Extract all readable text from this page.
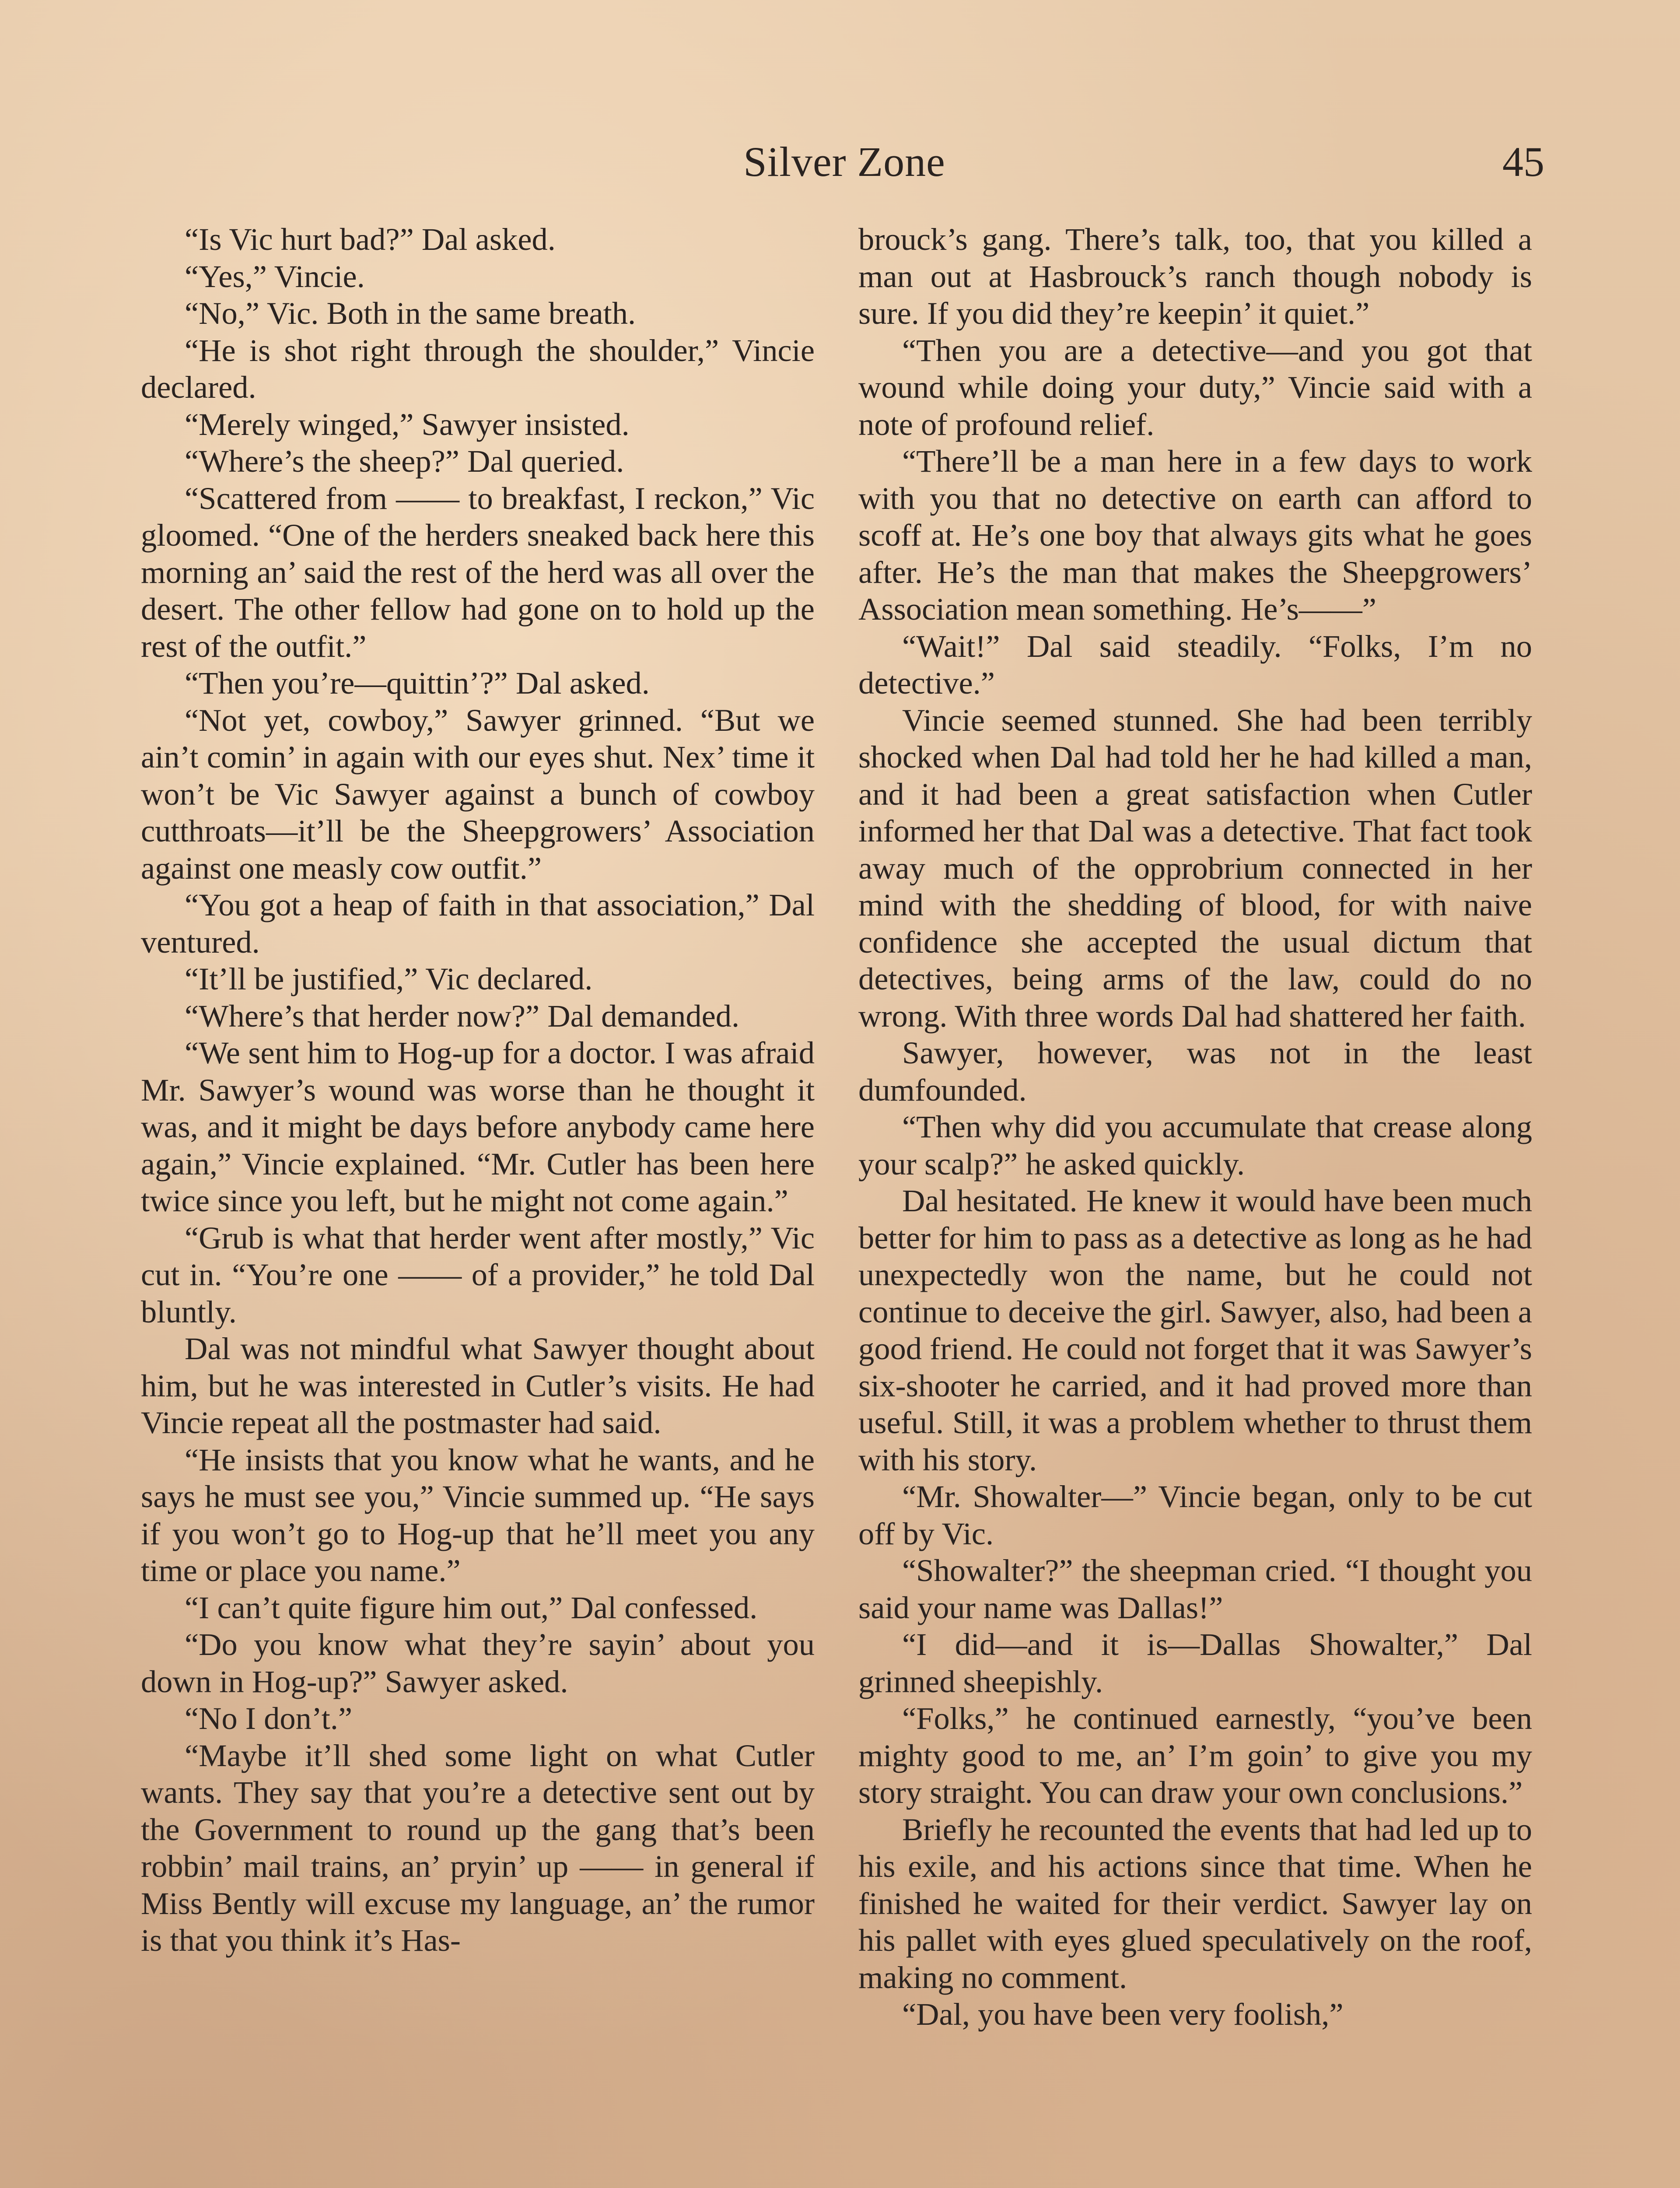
Silver Zone	45

“Is Vic hurt bad?” Dal asked.

“Yes,” Vincie.

“No,” Vic. Both in the same breath.

“He is shot right through the shoulder,” Vincie declared.

“Merely winged,” Sawyer insisted.

“Where’s the sheep?” Dal queried.

“Scattered from —— to breakfast, I reckon,” Vic gloomed. “One of the herders sneaked back here this morning an’ said the rest of the herd was all over the desert. The other fellow had gone on to hold up the rest of the outfit.”

“Then you’re—quittin’?” Dal asked.

“Not yet, cowboy,” Sawyer grinned. “But we ain’t comin’ in again with our eyes shut. Nex’ time it won’t be Vic Sawyer against a bunch of cowboy cutthroats—it’ll be the Sheepgrowers’ Association against one measly cow outfit.”

“You got a heap of faith in that association,” Dal ventured.

“It’ll be justified,” Vic declared.

“Where’s that herder now?” Dal demanded.

“We sent him to Hog-up for a doctor. I was afraid Mr. Sawyer’s wound was worse than he thought it was, and it might be days before anybody came here again,” Vincie explained. “Mr. Cutler has been here twice since you left, but he might not come again.”

“Grub is what that herder went after mostly,” Vic cut in. “You’re one —— of a provider,” he told Dal bluntly.

Dal was not mindful what Sawyer thought about him, but he was interested in Cutler’s visits. He had Vincie repeat all the postmaster had said.

“He insists that you know what he wants, and he says he must see you,” Vincie summed up. “He says if you won’t go to Hog-up that he’ll meet you any time or place you name.”

“I can’t quite figure him out,” Dal confessed.

“Do you know what they’re sayin’ about you down in Hog-up?” Sawyer asked.

“No I don’t.”

“Maybe it’ll shed some light on what Cutler wants. They say that you’re a detective sent out by the Government to round up the gang that’s been robbin’ mail trains, an’ pryin’ up —— in general if Miss Bently will excuse my language, an’ the rumor is that you think it’s Has-

brouck’s gang. There’s talk, too, that you killed a man out at Hasbrouck’s ranch though nobody is sure. If you did they’re keepin’ it quiet.”

“Then you are a detective—and you got that wound while doing your duty,” Vincie said with a note of profound relief.

“There’ll be a man here in a few days to work with you that no detective on earth can afford to scoff at. He’s one boy that always gits what he goes after. He’s the man that makes the Sheepgrowers’ Association mean something. He’s——”

“Wait!” Dal said steadily. “Folks, I’m no detective.”

Vincie seemed stunned. She had been terribly shocked when Dal had told her he had killed a man, and it had been a great satisfaction when Cutler informed her that Dal was a detective. That fact took away much of the opprobrium connected in her mind with the shedding of blood, for with naive confidence she accepted the usual dictum that detectives, being arms of the law, could do no wrong. With three words Dal had shattered her faith.

Sawyer, however, was not in the least dumfounded.

“Then why did you accumulate that crease along your scalp?” he asked quickly.

Dal hesitated. He knew it would have been much better for him to pass as a detective as long as he had unexpectedly won the name, but he could not continue to deceive the girl. Sawyer, also, had been a good friend. He could not forget that it was Sawyer’s six-shooter he carried, and it had proved more than useful. Still, it was a problem whether to thrust them with his story.

“Mr. Showalter—” Vincie began, only to be cut off by Vic.

“Showalter?” the sheepman cried. “I thought you said your name was Dallas!”

“I did—and it is—Dallas Showalter,” Dal grinned sheepishly.

“Folks,” he continued earnestly, “you’ve been mighty good to me, an’ I’m goin’ to give you my story straight. You can draw your own conclusions.”

Briefly he recounted the events that had led up to his exile, and his actions since that time. When he finished he waited for their verdict. Sawyer lay on his pallet with eyes glued speculatively on the roof, making no comment.

“Dal, you have been very foolish,”
